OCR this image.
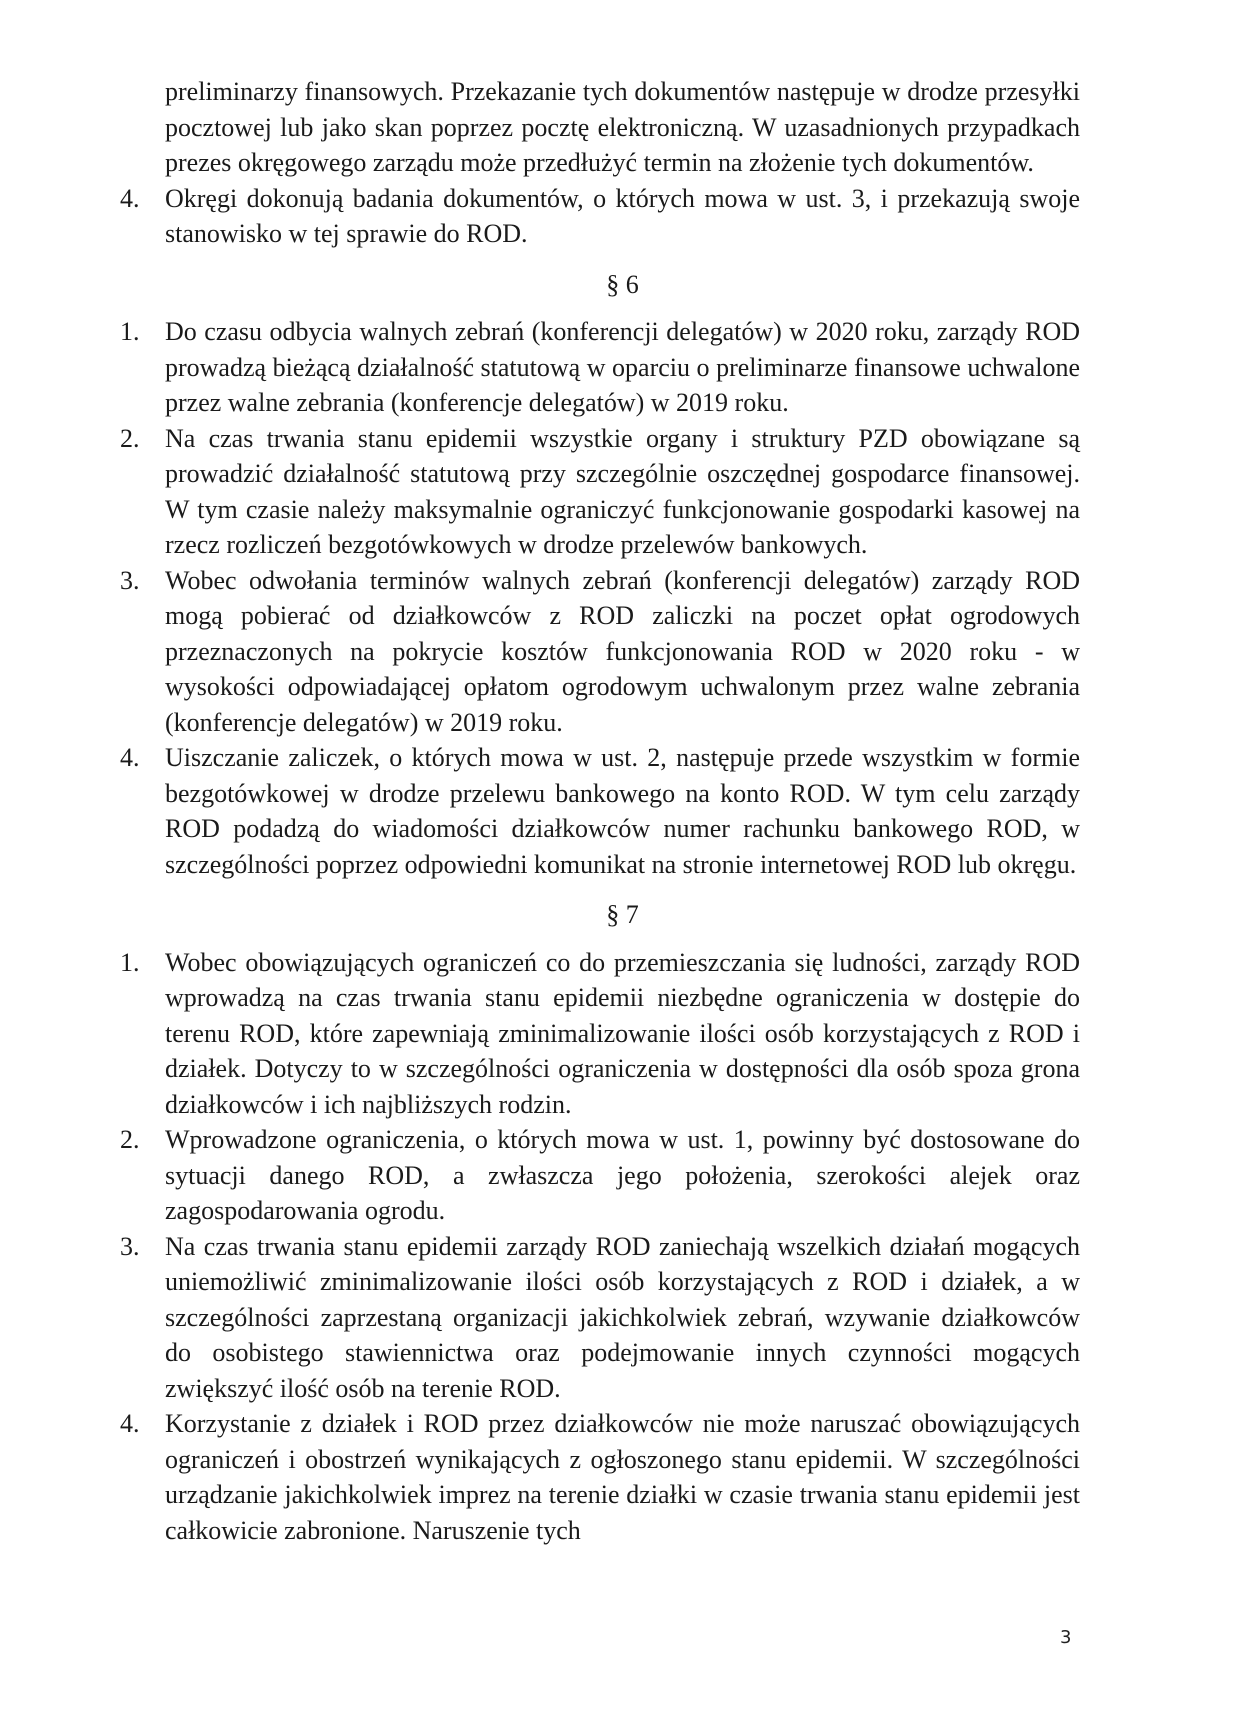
preliminarzy finansowych. Przekazanie tych dokumentów następuje w drodze przesyłki pocztowej lub jako skan poprzez pocztę elektroniczną. W uzasadnionych przypadkach prezes okręgowego zarządu może przedłużyć termin na złożenie tych dokumentów.

4. Okręgi dokonują badania dokumentów, o których mowa w ust. 3, i przekazują swoje stanowisko w tej sprawie do ROD.
§ 6
1. Do czasu odbycia walnych zebrań (konferencji delegatów) w 2020 roku, zarządy ROD prowadzą bieżącą działalność statutową w oparciu o preliminarze finansowe uchwalone przez walne zebrania (konferencje delegatów) w 2019 roku.
2. Na czas trwania stanu epidemii wszystkie organy i struktury PZD obowiązane są prowadzić działalność statutową przy szczególnie oszczędnej gospodarce finansowej. W tym czasie należy maksymalnie ograniczyć funkcjonowanie gospodarki kasowej na rzecz rozliczeń bezgotówkowych w drodze przelewów bankowych.
3. Wobec odwołania terminów walnych zebrań (konferencji delegatów) zarządy ROD mogą pobierać od działkowców z ROD zaliczki na poczet opłat ogrodowych przeznaczonych na pokrycie kosztów funkcjonowania ROD w 2020 roku - w wysokości odpowiadającej opłatom ogrodowym uchwalonym przez walne zebrania (konferencje delegatów) w 2019 roku.
4. Uiszczanie zaliczek, o których mowa w ust. 2, następuje przede wszystkim w formie bezgotówkowej w drodze przelewu bankowego na konto ROD. W tym celu zarządy ROD podadzą do wiadomości działkowców numer rachunku bankowego ROD, w szczególności poprzez odpowiedni komunikat na stronie internetowej ROD lub okręgu.
§ 7
1. Wobec obowiązujących ograniczeń co do przemieszczania się ludności, zarządy ROD wprowadzą na czas trwania stanu epidemii niezbędne ograniczenia w dostępie do terenu ROD, które zapewniają zminimalizowanie ilości osób korzystających z ROD i działek. Dotyczy to w szczególności ograniczenia w dostępności dla osób spoza grona działkowców i ich najbliższych rodzin.
2. Wprowadzone ograniczenia, o których mowa w ust. 1, powinny być dostosowane do sytuacji danego ROD, a zwłaszcza jego położenia, szerokości alejek oraz zagospodarowania ogrodu.
3. Na czas trwania stanu epidemii zarządy ROD zaniechają wszelkich działań mogących uniemożliwić zminimalizowanie ilości osób korzystających z ROD i działek, a w szczególności zaprzestaną organizacji jakichkolwiek zebrań, wzywanie działkowców do osobistego stawiennictwa oraz podejmowanie innych czynności mogących zwiększyć ilość osób na terenie ROD.
4. Korzystanie z działek i ROD przez działkowców nie może naruszać obowiązujących ograniczeń i obostrzeń wynikających z ogłoszonego stanu epidemii. W szczególności urządzanie jakichkolwiek imprez na terenie działki w czasie trwania stanu epidemii jest całkowicie zabronione. Naruszenie tych
3
